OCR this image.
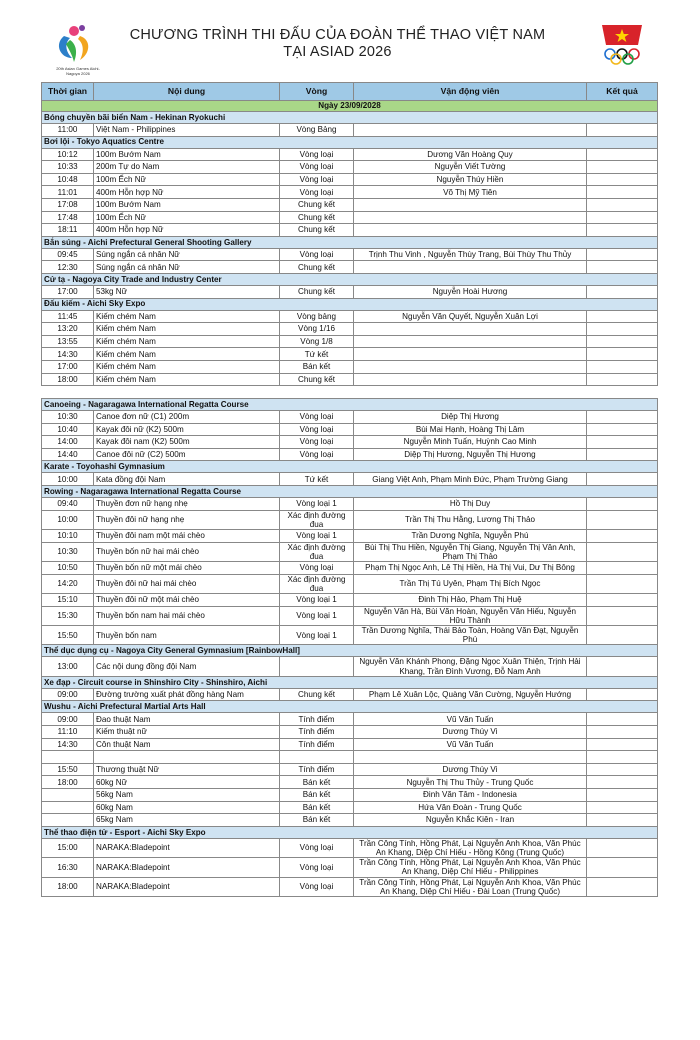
20th Asian Games Aichi-Nagoya 2026
CHƯƠNG TRÌNH THI ĐẤU CỦA ĐOÀN THỂ THAO VIỆT NAM
TẠI ASIAD 2026
Thời gian	Nội dung	Vòng	Vận động viên	Kết quả
Ngày 23/09/2028				
Bóng chuyền bãi biển Nam - Hekinan Ryokuchi				
11:00	Việt Nam - Philippines	Vòng Bảng		
Bơi lội - Tokyo Aquatics Centre				
10:12	100m Bướm Nam	Vòng loại	Dương Văn Hoàng Quy	
10:33	200m Tự do Nam	Vòng loại	Nguyễn Viết Tường	
10:48	100m Ếch Nữ	Vòng loại	Nguyễn Thúy Hiền	
11:01	400m Hỗn hợp Nữ	Vòng loại	Võ Thị Mỹ Tiên	
17:08	100m Bướm Nam	Chung kết		
17:48	100m Ếch Nữ	Chung kết		
18:11	400m Hỗn hợp Nữ	Chung kết		
Bắn súng - Aichi Prefectural General Shooting Gallery				
09:45	Súng ngắn cá nhân Nữ	Vòng loại	Trịnh Thu Vinh , Nguyễn Thùy Trang, Bùi Thùy Thu Thủy	
12:30	Súng ngắn cá nhân Nữ	Chung kết		
Cử tạ - Nagoya City Trade and Industry Center				
17:00	53kg Nữ	Chung kết	Nguyễn Hoài Hương	
Đấu kiếm - Aichi Sky Expo				
11:45	Kiếm chém Nam	Vòng bảng	Nguyễn Văn Quyết, Nguyễn Xuân Lợi	
13:20	Kiếm chém Nam	Vòng 1/16		
13:55	Kiếm chém Nam	Vòng 1/8		
14:30	Kiếm chém Nam	Tứ kết		
17:00	Kiếm chém Nam	Bán kết		
18:00	Kiếm chém Nam	Chung kết		

Canoeing - Nagaragawa International Regatta Course				
10:30	Canoe đơn nữ (C1) 200m	Vòng loại	Diệp Thị Hương	
10:40	Kayak đôi nữ (K2) 500m	Vòng loại	Bùi Mai Hạnh, Hoàng Thị Lâm	
14:00	Kayak đôi nam (K2) 500m	Vòng loại	Nguyễn Minh Tuấn, Huỳnh Cao Minh	
14:40	Canoe đôi nữ (C2) 500m	Vòng loại	Diệp Thị Hương, Nguyễn Thị Hương	
Karate - Toyohashi Gymnasium				
10:00	Kata đồng đội Nam	Tứ kết	Giang Việt Anh, Phạm Minh Đức, Phạm Trường Giang	
Rowing - Nagaragawa International Regatta Course				
09:40	Thuyền đơn nữ hạng nhẹ	Vòng loại 1	Hồ Thị Duy	
10:00	Thuyền đôi nữ hạng nhẹ	Xác định đường đua	Trần Thị Thu Hằng, Lương Thị Thảo	
10:10	Thuyền đôi nam một mái chèo	Vòng loại 1	Trần Dương Nghĩa, Nguyễn Phú	
10:30	Thuyền bốn nữ hai mái chèo	Xác định đường đua	Bùi Thị Thu Hiền, Nguyễn Thị Giang, Nguyễn Thị Vân Anh, Phạm Thị Thảo	
10:50	Thuyền bốn nữ một mái chèo	Vòng loại	Phạm Thị Ngọc Anh, Lê Thị Hiền, Hà Thị Vui, Dư Thị Bông	
14:20	Thuyền đôi nữ hai mái chèo	Xác định đường đua	Trần Thị Tú Uyên, Phạm Thị Bích Ngọc	
15:10	Thuyền đôi nữ một mái chèo	Vòng loại 1	Đinh Thị Hảo, Phạm Thị Huệ	
15:30	Thuyền bốn nam hai mái chèo	Vòng loại 1	Nguyễn Văn Hà, Bùi Văn Hoàn, Nguyễn Văn Hiếu, Nguyễn Hữu Thành	
15:50	Thuyền bốn nam	Vòng loại 1	Trần Dương Nghĩa, Thái Bảo Toàn, Hoàng Văn Đạt, Nguyễn Phú	
Thể dục dụng cụ - Nagoya City General Gymnasium [RainbowHall]				
13:00	Các nội dung đồng đội Nam		Nguyễn Văn Khánh Phong, Đặng Ngọc Xuân Thiện, Trịnh Hải Khang, Trần Đình Vương, Đỗ Nam Anh	
Xe đạp - Circuit course in Shinshiro City - Shinshiro, Aichi				
09:00	Đường trường xuất phát đồng hàng Nam	Chung kết	Phạm Lê Xuân Lộc, Quàng Văn Cường, Nguyễn Hướng	
Wushu - Aichi Prefectural Martial Arts Hall				
09:00	Đao thuật Nam	Tính điểm	Vũ Văn Tuấn	
11:10	Kiếm thuật nữ	Tính điểm	Dương Thúy Vi	
14:30	Côn thuật Nam	Tính điểm	Vũ Văn Tuấn	

15:50	Thương thuật Nữ	Tính điểm	Dương Thúy Vi	
18:00	60kg Nữ	Bán kết	Nguyễn Thị Thu Thủy - Trung Quốc	
	56kg Nam	Bán kết	Đinh Văn Tâm - Indonesia	
	60kg Nam	Bán kết	Hứa Văn Đoàn - Trung Quốc	
	65kg Nam	Bán kết	Nguyễn Khắc Kiên - Iran	
Thể thao điện tử - Esport - Aichi Sky Expo				
15:00	NARAKA:Bladepoint	Vòng loại	Trần Công Tính, Hồng Phát, Lại Nguyễn Anh Khoa, Văn Phúc An Khang, Diệp Chí Hiếu - Hồng Kông (Trung Quốc)	
16:30	NARAKA:Bladepoint	Vòng loại	Trần Công Tính, Hồng Phát, Lại Nguyễn Anh Khoa, Văn Phúc An Khang, Diệp Chí Hiếu - Philippines	
18:00	NARAKA:Bladepoint	Vòng loại	Trần Công Tính, Hồng Phát, Lại Nguyễn Anh Khoa, Văn Phúc An Khang, Diệp Chí Hiếu - Đài Loan (Trung Quốc)	
